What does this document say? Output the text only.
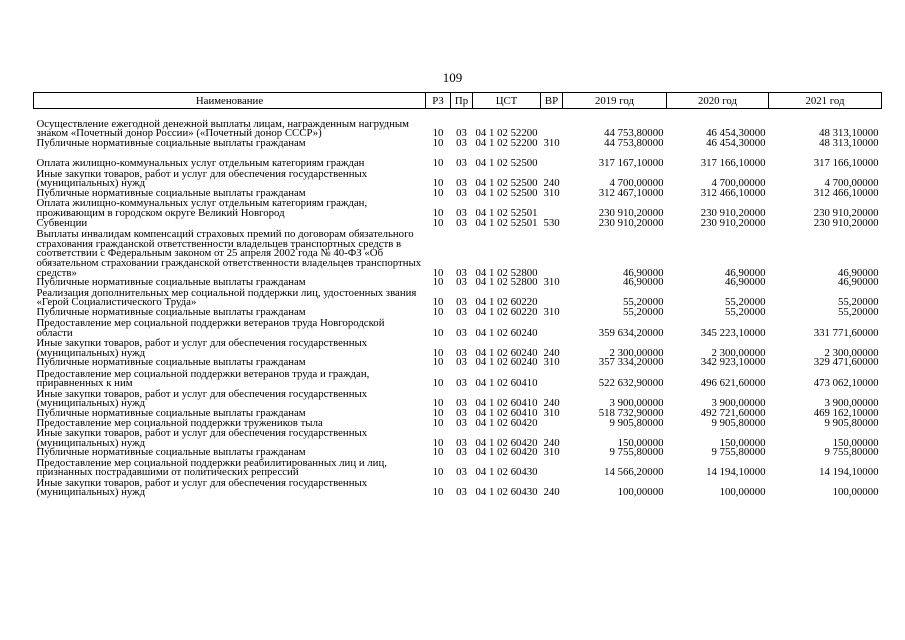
109
Наименование	РЗ	Пр	ЦСТ	ВР	2019 год	2020 год	2021 год
Осуществление ежегодной денежной выплаты лицам, награжденным нагрудным знаком «Почетный донор России» («Почетный донор СССР»)	10	03	04 1 02 52200		44 753,80000	46 454,30000	48 313,10000
Публичные нормативные социальные выплаты гражданам	10	03	04 1 02 52200	310	44 753,80000	46 454,30000	48 313,10000
Оплата жилищно-коммунальных услуг отдельным категориям граждан	10	03	04 1 02 52500		317 167,10000	317 166,10000	317 166,10000
Иные закупки товаров, работ и услуг для обеспечения государственных (муниципальных) нужд	10	03	04 1 02 52500	240	4 700,00000	4 700,00000	4 700,00000
Публичные нормативные социальные выплаты гражданам	10	03	04 1 02 52500	310	312 467,10000	312 466,10000	312 466,10000
Оплата жилищно-коммунальных услуг отдельным категориям граждан, проживающим в городском округе Великий Новгород	10	03	04 1 02 52501		230 910,20000	230 910,20000	230 910,20000
Субвенции	10	03	04 1 02 52501	530	230 910,20000	230 910,20000	230 910,20000
Выплаты инвалидам компенсаций страховых премий по договорам обязательного страхования гражданской ответственности владельцев транспортных средств в соответствии с Федеральным законом от 25 апреля 2002 года № 40-ФЗ «Об обязательном страховании гражданской ответственности владельцев транспортных средств»	10	03	04 1 02 52800		46,90000	46,90000	46,90000
Публичные нормативные социальные выплаты гражданам	10	03	04 1 02 52800	310	46,90000	46,90000	46,90000
Реализация дополнительных мер социальной поддержки лиц, удостоенных звания «Герой Социалистического Труда»	10	03	04 1 02 60220		55,20000	55,20000	55,20000
Публичные нормативные социальные выплаты гражданам	10	03	04 1 02 60220	310	55,20000	55,20000	55,20000
Предоставление мер социальной поддержки ветеранов труда Новгородской области	10	03	04 1 02 60240		359 634,20000	345 223,10000	331 771,60000
Иные закупки товаров, работ и услуг для обеспечения государственных (муниципальных) нужд	10	03	04 1 02 60240	240	2 300,00000	2 300,00000	2 300,00000
Публичные нормативные социальные выплаты гражданам	10	03	04 1 02 60240	310	357 334,20000	342 923,10000	329 471,60000
Предоставление мер социальной поддержки ветеранов труда и граждан, приравненных к ним	10	03	04 1 02 60410		522 632,90000	496 621,60000	473 062,10000
Иные закупки товаров, работ и услуг для обеспечения государственных (муниципальных) нужд	10	03	04 1 02 60410	240	3 900,00000	3 900,00000	3 900,00000
Публичные нормативные социальные выплаты гражданам	10	03	04 1 02 60410	310	518 732,90000	492 721,60000	469 162,10000
Предоставление мер социальной поддержки тружеников тыла	10	03	04 1 02 60420		9 905,80000	9 905,80000	9 905,80000
Иные закупки товаров, работ и услуг для обеспечения государственных (муниципальных) нужд	10	03	04 1 02 60420	240	150,00000	150,00000	150,00000
Публичные нормативные социальные выплаты гражданам	10	03	04 1 02 60420	310	9 755,80000	9 755,80000	9 755,80000
Предоставление мер социальной поддержки реабилитированных лиц и лиц, признанных пострадавшими от политических репрессий	10	03	04 1 02 60430		14 566,20000	14 194,10000	14 194,10000
Иные закупки товаров, работ и услуг для обеспечения государственных (муниципальных) нужд	10	03	04 1 02 60430	240	100,00000	100,00000	100,00000
